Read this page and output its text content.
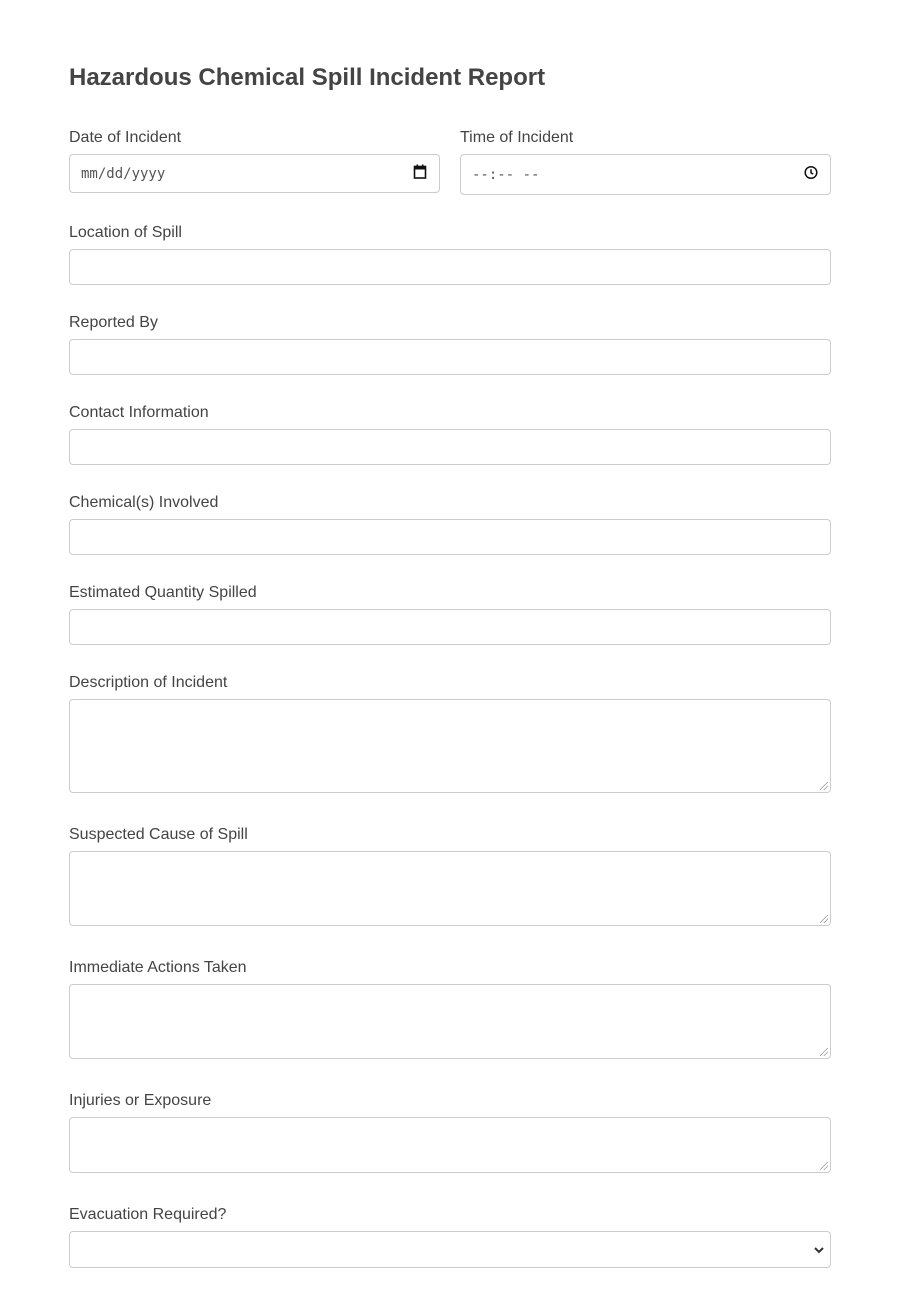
Hazardous Chemical Spill Incident Report
Date of Incident
mm/dd/yyyy
Time of Incident
--:-- --
Location of Spill
Reported By
Contact Information
Chemical(s) Involved
Estimated Quantity Spilled
Description of Incident
Suspected Cause of Spill
Immediate Actions Taken
Injuries or Exposure
Evacuation Required?
